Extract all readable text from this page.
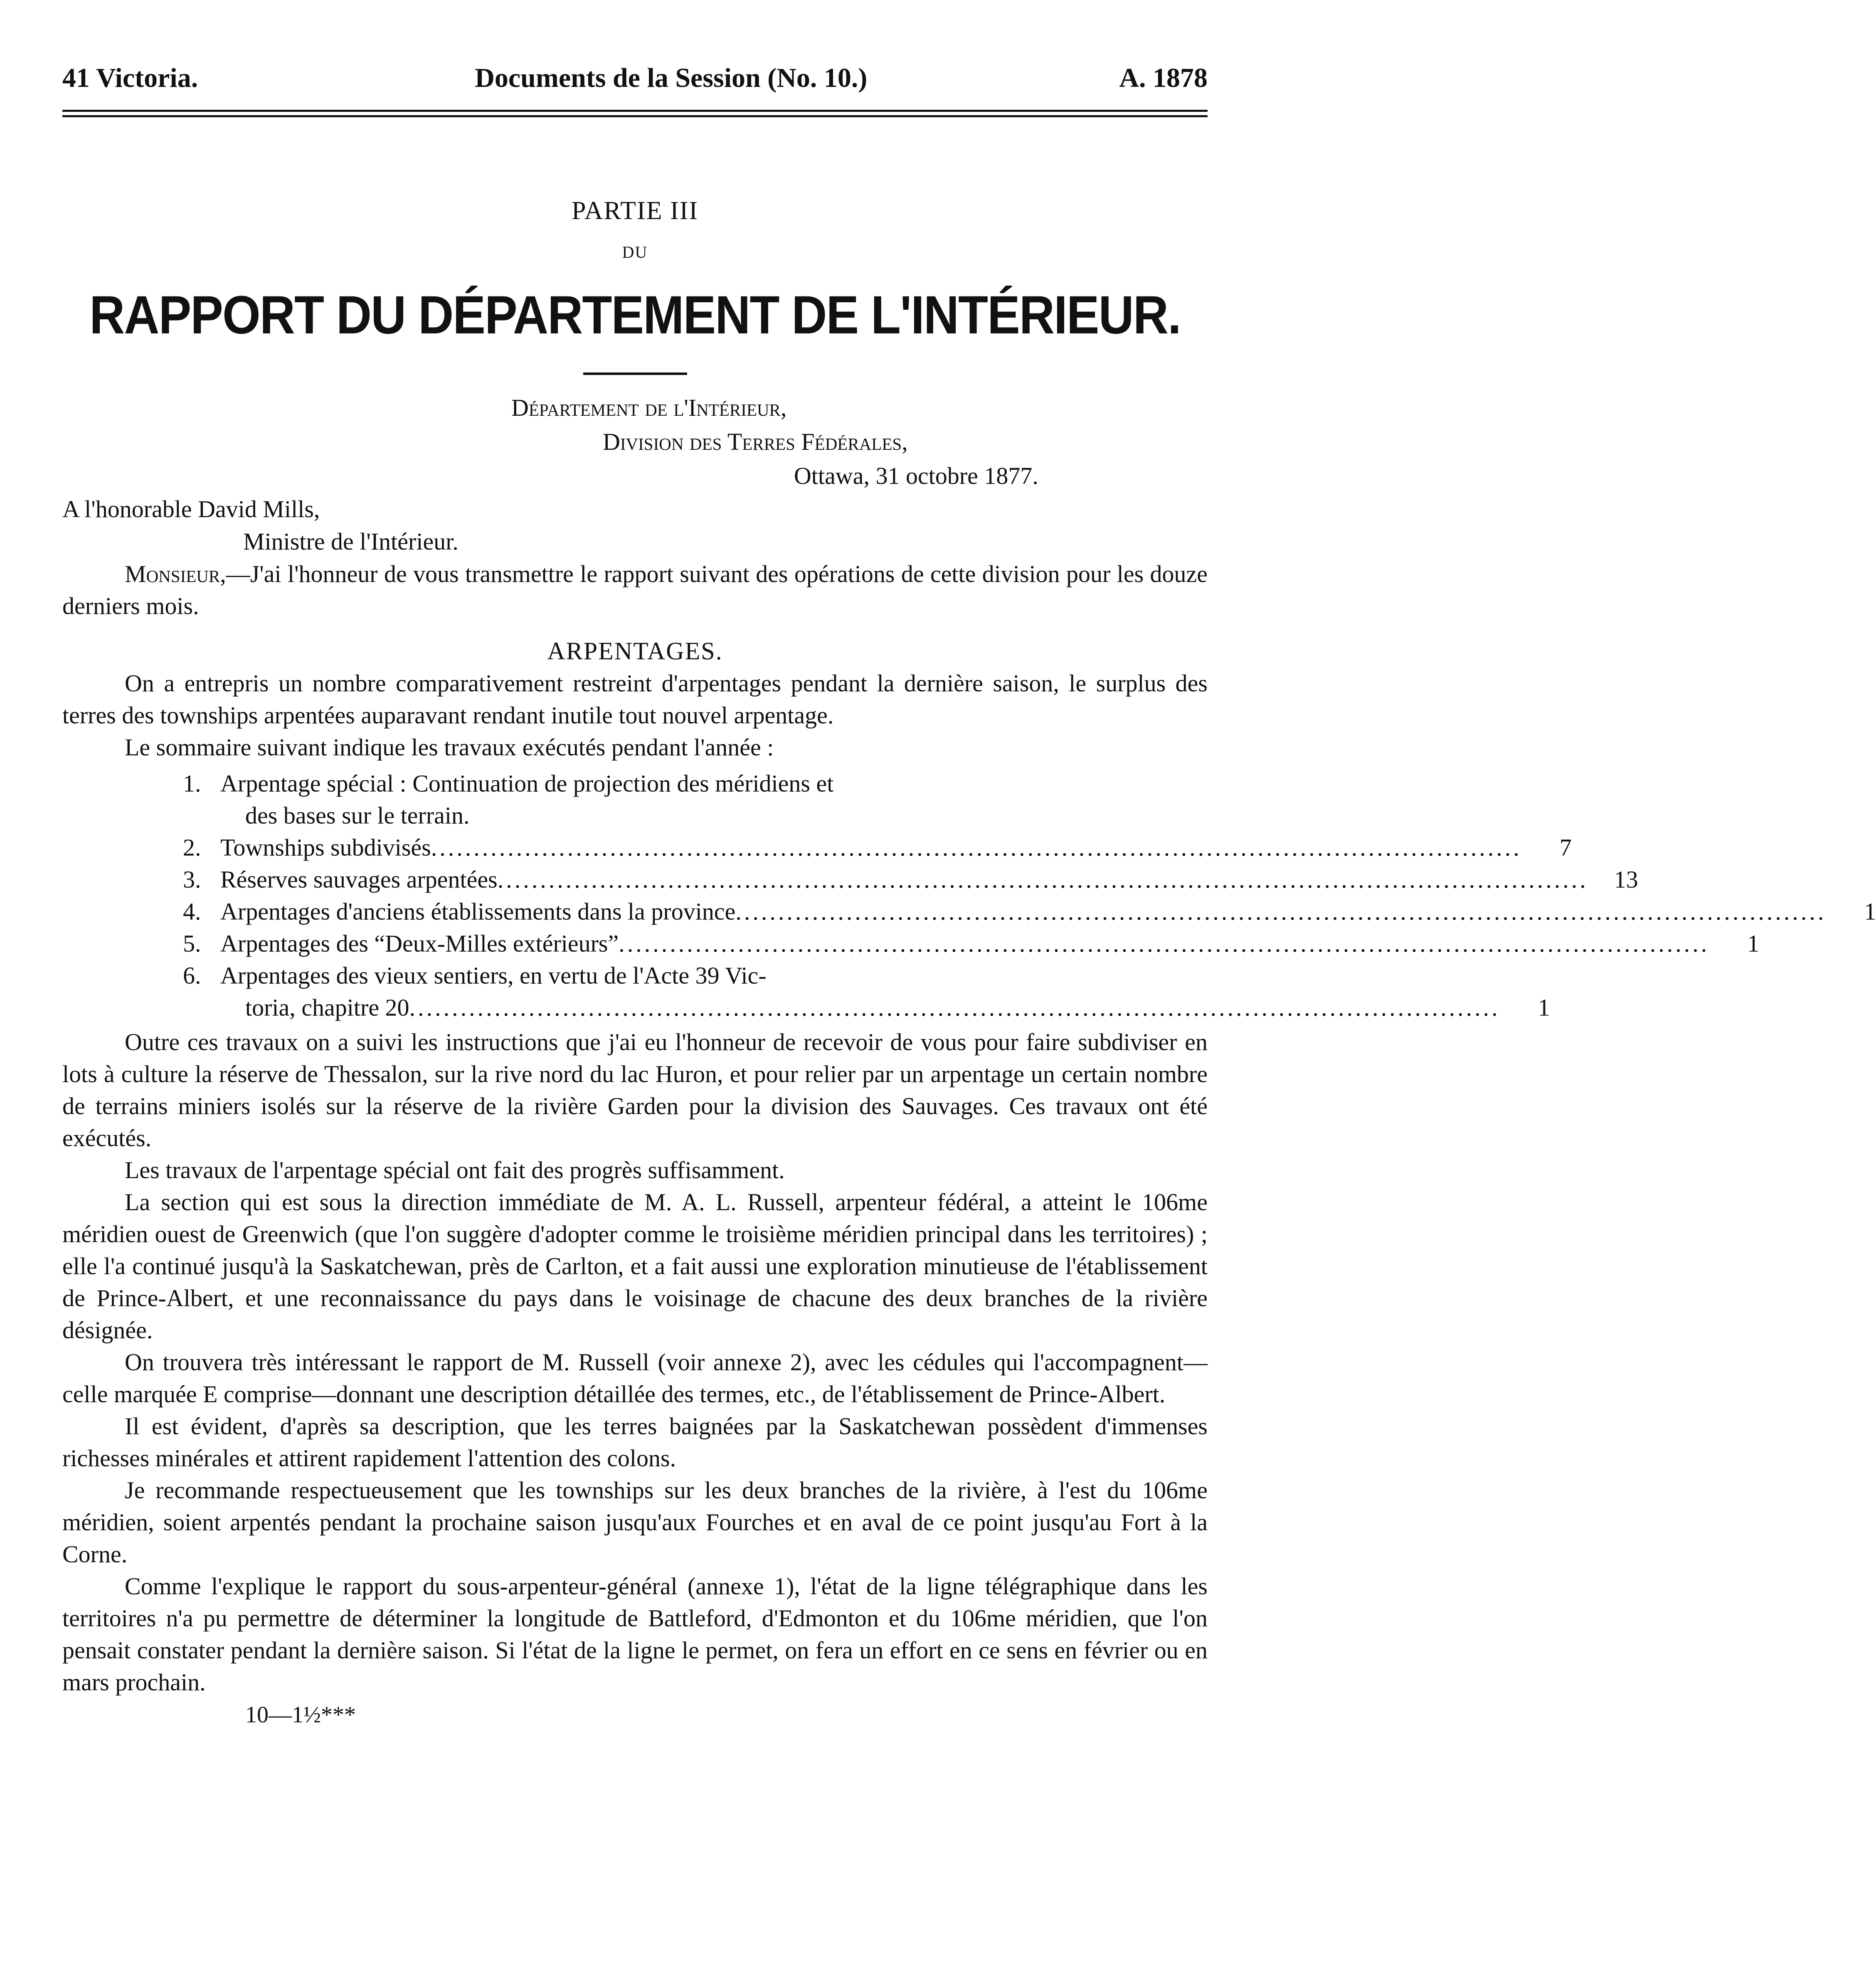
41 Victoria.	Documents de la Session (No. 10.)	A. 1878
PARTIE III
DU
RAPPORT DU DÉPARTEMENT DE L'INTÉRIEUR.
Département de l'Intérieur,
Division des Terres Fédérales,
Ottawa, 31 octobre 1877.
A l'honorable David Mills,
Ministre de l'Intérieur.

Monsieur,—J'ai l'honneur de vous transmettre le rapport suivant des opérations de cette division pour les douze derniers mois.

ARPENTAGES.

On a entrepris un nombre comparativement restreint d'arpentages pendant la dernière saison, le surplus des terres des townships arpentées auparavant rendant inutile tout nouvel arpentage.

Le sommaire suivant indique les travaux exécutés pendant l'année :

1. Arpentage spécial : Continuation de projection des méridiens et
des bases sur le terrain.
2. Townships subdivisés ................................................................................................................................	7
3. Réserves sauvages arpentées ................................................................................................................................	13
4. Arpentages d'anciens établissements dans la province ................................................................................................................................	1
5. Arpentages des “Deux-Milles extérieurs” ................................................................................................................................	1
6. Arpentages des vieux sentiers, en vertu de l'Acte 39 Vic-
toria, chapitre 20 ................................................................................................................................	1

Outre ces travaux on a suivi les instructions que j'ai eu l'honneur de recevoir de vous pour faire subdiviser en lots à culture la réserve de Thessalon, sur la rive nord du lac Huron, et pour relier par un arpentage un certain nombre de terrains miniers isolés sur la réserve de la rivière Garden pour la division des Sauvages. Ces travaux ont été exécutés.

Les travaux de l'arpentage spécial ont fait des progrès suffisamment.

La section qui est sous la direction immédiate de M. A. L. Russell, arpenteur fédéral, a atteint le 106me méridien ouest de Greenwich (que l'on suggère d'adopter comme le troisième méridien principal dans les territoires) ; elle l'a continué jusqu'à la Saskatchewan, près de Carlton, et a fait aussi une exploration minutieuse de l'établissement de Prince-Albert, et une reconnaissance du pays dans le voisinage de chacune des deux branches de la rivière désignée.

On trouvera très intéressant le rapport de M. Russell (voir annexe 2), avec les cédules qui l'accompagnent—celle marquée E comprise—donnant une description détaillée des termes, etc., de l'établissement de Prince-Albert.

Il est évident, d'après sa description, que les terres baignées par la Saskatchewan possèdent d'immenses richesses minérales et attirent rapidement l'attention des colons.

Je recommande respectueusement que les townships sur les deux branches de la rivière, à l'est du 106me méridien, soient arpentés pendant la prochaine saison jusqu'aux Fourches et en aval de ce point jusqu'au Fort à la Corne.

Comme l'explique le rapport du sous-arpenteur-général (annexe 1), l'état de la ligne télégraphique dans les territoires n'a pu permettre de déterminer la longitude de Battleford, d'Edmonton et du 106me méridien, que l'on pensait constater pendant la dernière saison. Si l'état de la ligne le permet, on fera un effort en ce sens en février ou en mars prochain.

10—1½***
